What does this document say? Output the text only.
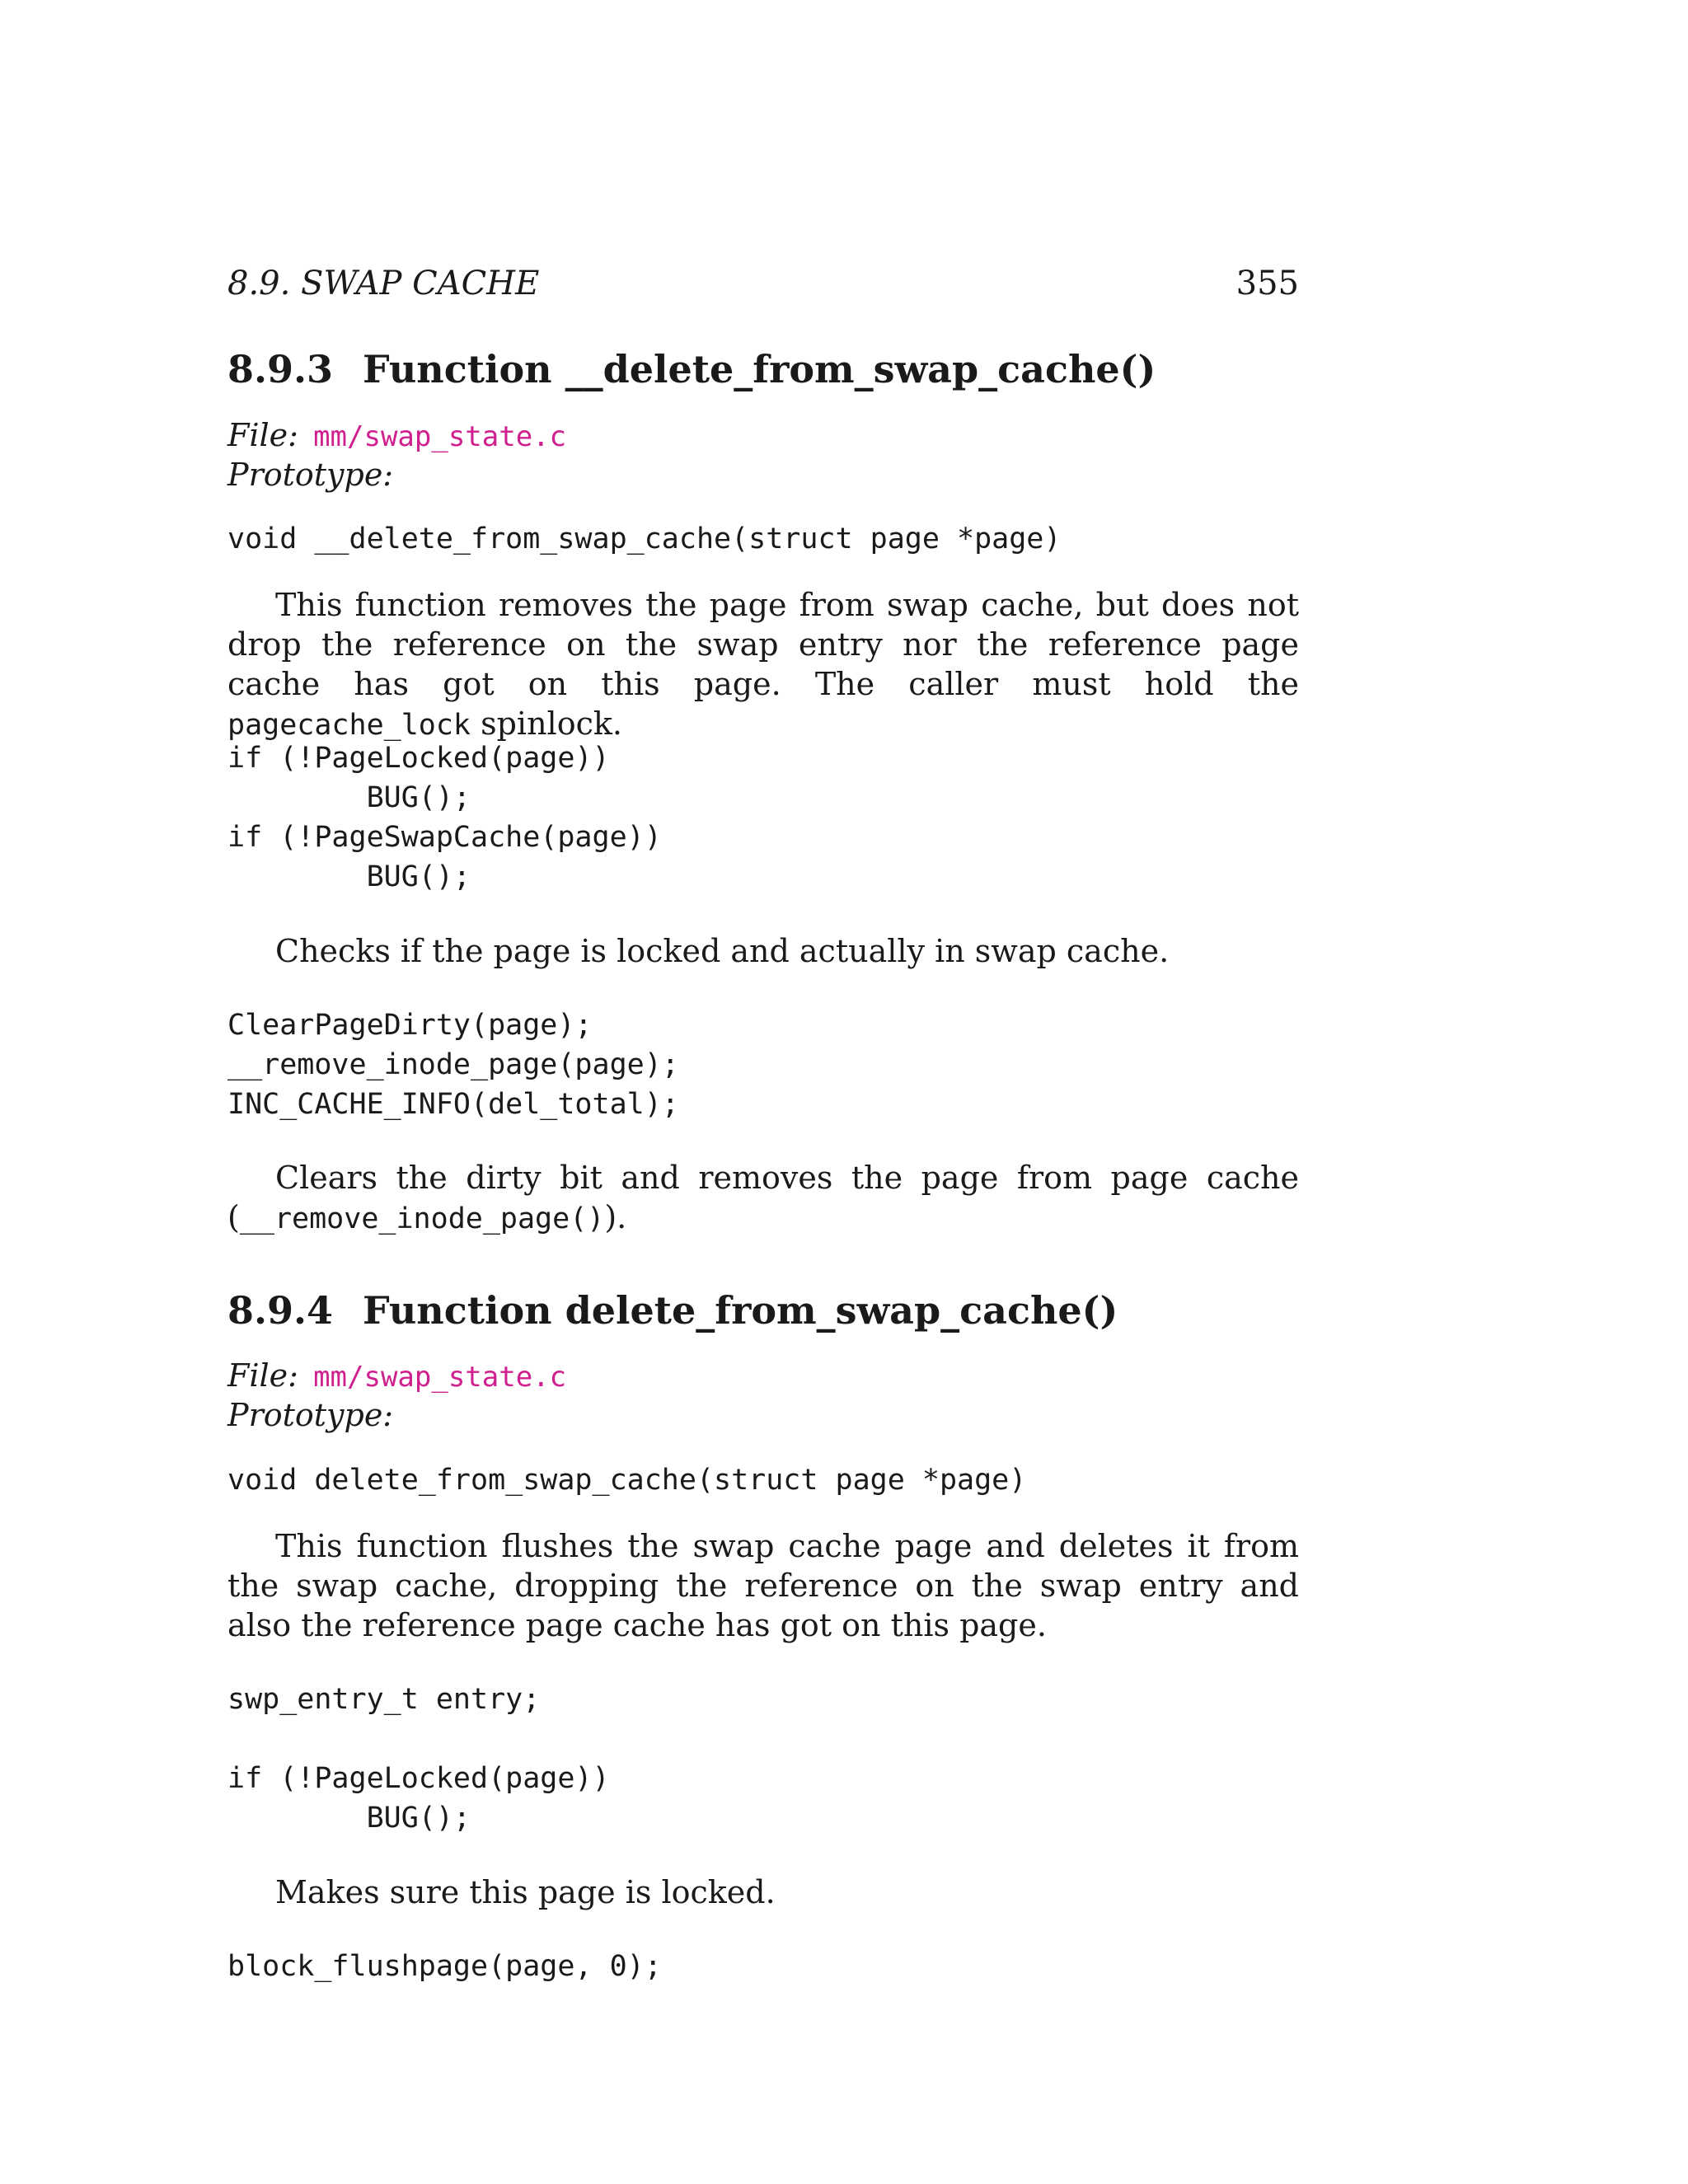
8.9. SWAP CACHE	355
8.9.3 Function __delete_from_swap_cache()
File: mm/swap_state.c
Prototype:
void __delete_from_swap_cache(struct page *page)
This function removes the page from swap cache, but does not drop the reference on the swap entry nor the reference page cache has got on this page. The caller must hold the pagecache_lock spinlock.
if (!PageLocked(page))
BUG();
if (!PageSwapCache(page))
BUG();
Checks if the page is locked and actually in swap cache.
ClearPageDirty(page);
__remove_inode_page(page);
INC_CACHE_INFO(del_total);
Clears the dirty bit and removes the page from page cache
(__remove_inode_page()).
8.9.4 Function delete_from_swap_cache()
File: mm/swap_state.c
Prototype:
void delete_from_swap_cache(struct page *page)
This function flushes the swap cache page and deletes it from the swap cache, dropping the reference on the swap entry and also the reference page cache has got on this page.
swp_entry_t entry;

if (!PageLocked(page))
BUG();
Makes sure this page is locked.
block_flushpage(page, 0);
